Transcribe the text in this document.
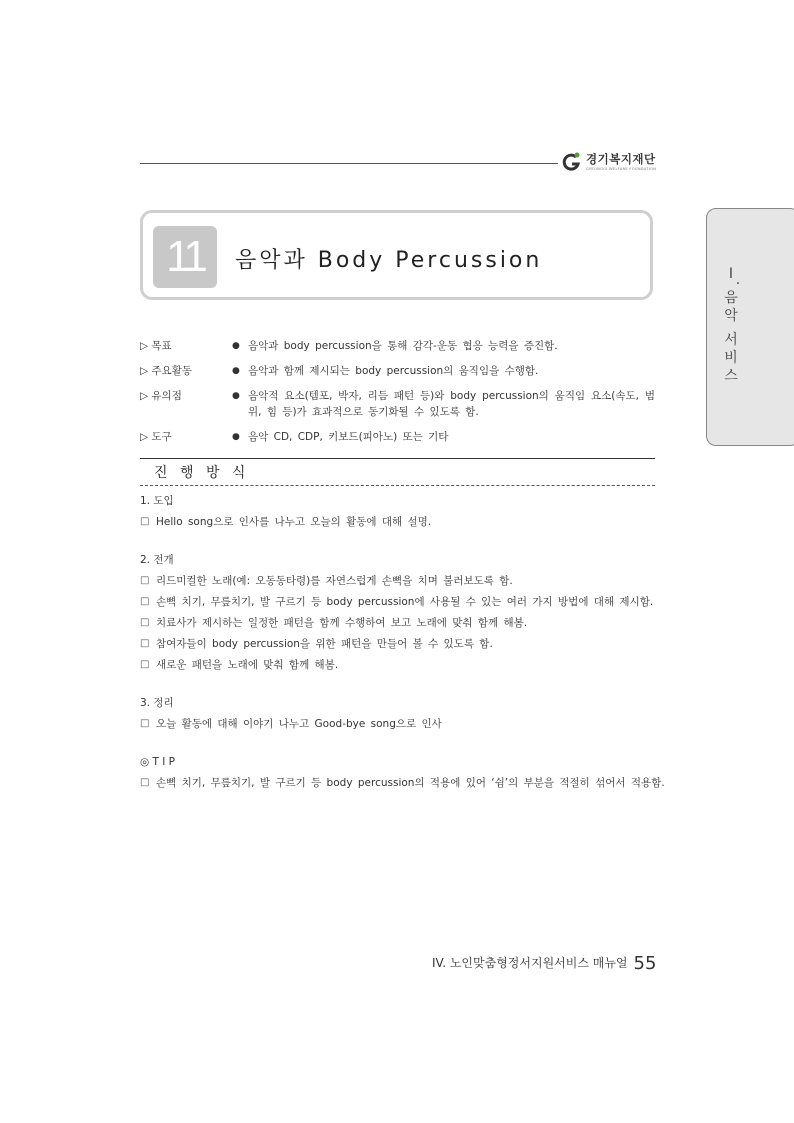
경기복지재단
GYEONGGI WELFARE FOUNDATION
Ⅰ .
음
악
서
비
스
11	음악과 Body Percussion
▷ 목표	● 음악과 body percussion을 통해 감각-운동 협응 능력을 증진함.
▷ 주요활동	● 음악과 함께 제시되는 body percussion의 움직임을 수행함.
▷ 유의점	● 음악적 요소(템포, 박자, 리듬 패턴 등)와 body percussion의 움직임 요소(속도, 범위, 힘 등)가 효과적으로 동기화될 수 있도록 함.
▷ 도구	● 음악 CD, CDP, 키보드(피아노) 또는 기타
진 행 방 식
1. 도입
□ Hello song으로 인사를 나누고 오늘의 활동에 대해 설명.
2. 전개
□ 리드미컬한 노래(예: 오동동타령)를 자연스럽게 손뼉을 치며 불러보도록 함.
□ 손뼉 치기, 무릎치기, 발 구르기 등 body percussion에 사용될 수 있는 여러 가지 방법에 대해 제시함.
□ 치료사가 제시하는 일정한 패턴을 함께 수행하여 보고 노래에 맞춰 함께 해봄.
□ 참여자들이 body percussion을 위한 패턴을 만들어 볼 수 있도록 함.
□ 새로운 패턴을 노래에 맞춰 함께 해봄.
3. 정리
□ 오늘 활동에 대해 이야기 나누고 Good-bye song으로 인사
◎ T I P
□ 손뼉 치기, 무릎치기, 발 구르기 등 body percussion의 적용에 있어 ‘쉼’의 부분을 적절히 섞어서 적용함.
IV. 노인맞춤형정서지원서비스 매뉴얼 55
